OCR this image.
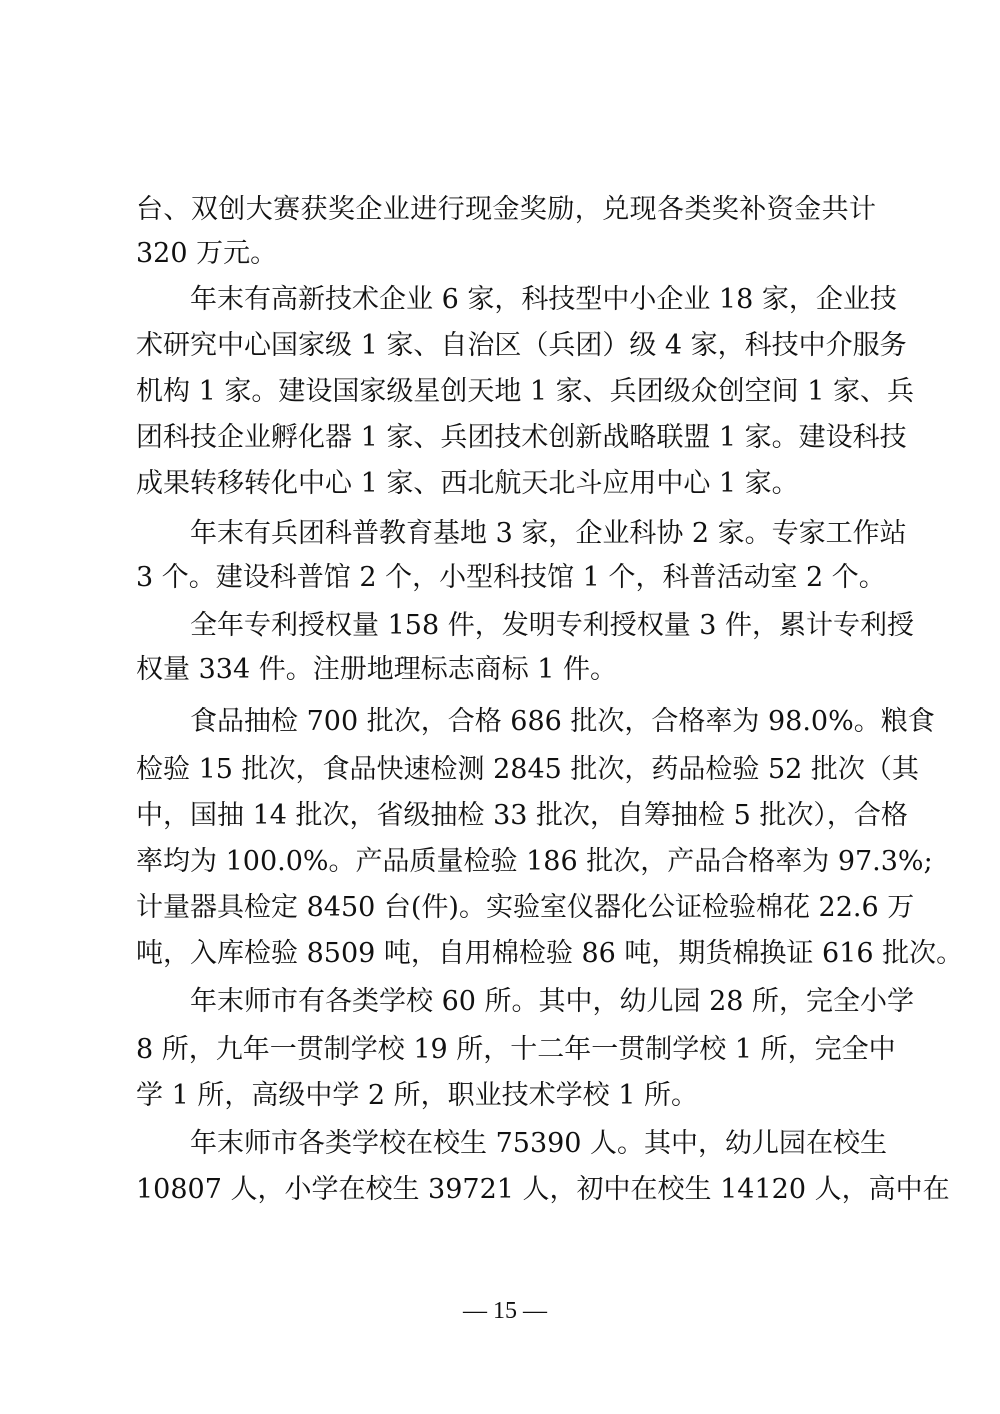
台、双创大赛获奖企业进行现金奖励，兑现各类奖补资金共计
320 万元。
年末有高新技术企业 6 家，科技型中小企业 18 家，企业技
术研究中心国家级 1 家、自治区（兵团）级 4 家，科技中介服务
机构 1 家。建设国家级星创天地 1 家、兵团级众创空间 1 家、兵
团科技企业孵化器 1 家、兵团技术创新战略联盟 1 家。建设科技
成果转移转化中心 1 家、西北航天北斗应用中心 1 家。
年末有兵团科普教育基地 3 家，企业科协 2 家。专家工作站
3 个。建设科普馆 2 个，小型科技馆 1 个，科普活动室 2 个。
全年专利授权量 158 件，发明专利授权量 3 件，累计专利授
权量 334 件。注册地理标志商标 1 件。
食品抽检 700 批次，合格 686 批次，合格率为 98.0%。粮食
检验 15 批次，食品快速检测 2845 批次，药品检验 52 批次（其
中，国抽 14 批次，省级抽检 33 批次，自筹抽检 5 批次），合格
率均为 100.0%。产品质量检验 186 批次，产品合格率为 97.3%;
计量器具检定 8450 台(件)。实验室仪器化公证检验棉花 22.6 万
吨，入库检验 8509 吨，自用棉检验 86 吨，期货棉换证 616 批次。
年末师市有各类学校 60 所。其中，幼儿园 28 所，完全小学
8 所，九年一贯制学校 19 所，十二年一贯制学校 1 所，完全中
学 1 所，高级中学 2 所，职业技术学校 1 所。
年末师市各类学校在校生 75390 人。其中，幼儿园在校生
10807 人，小学在校生 39721 人，初中在校生 14120 人，高中在
— 15 —
